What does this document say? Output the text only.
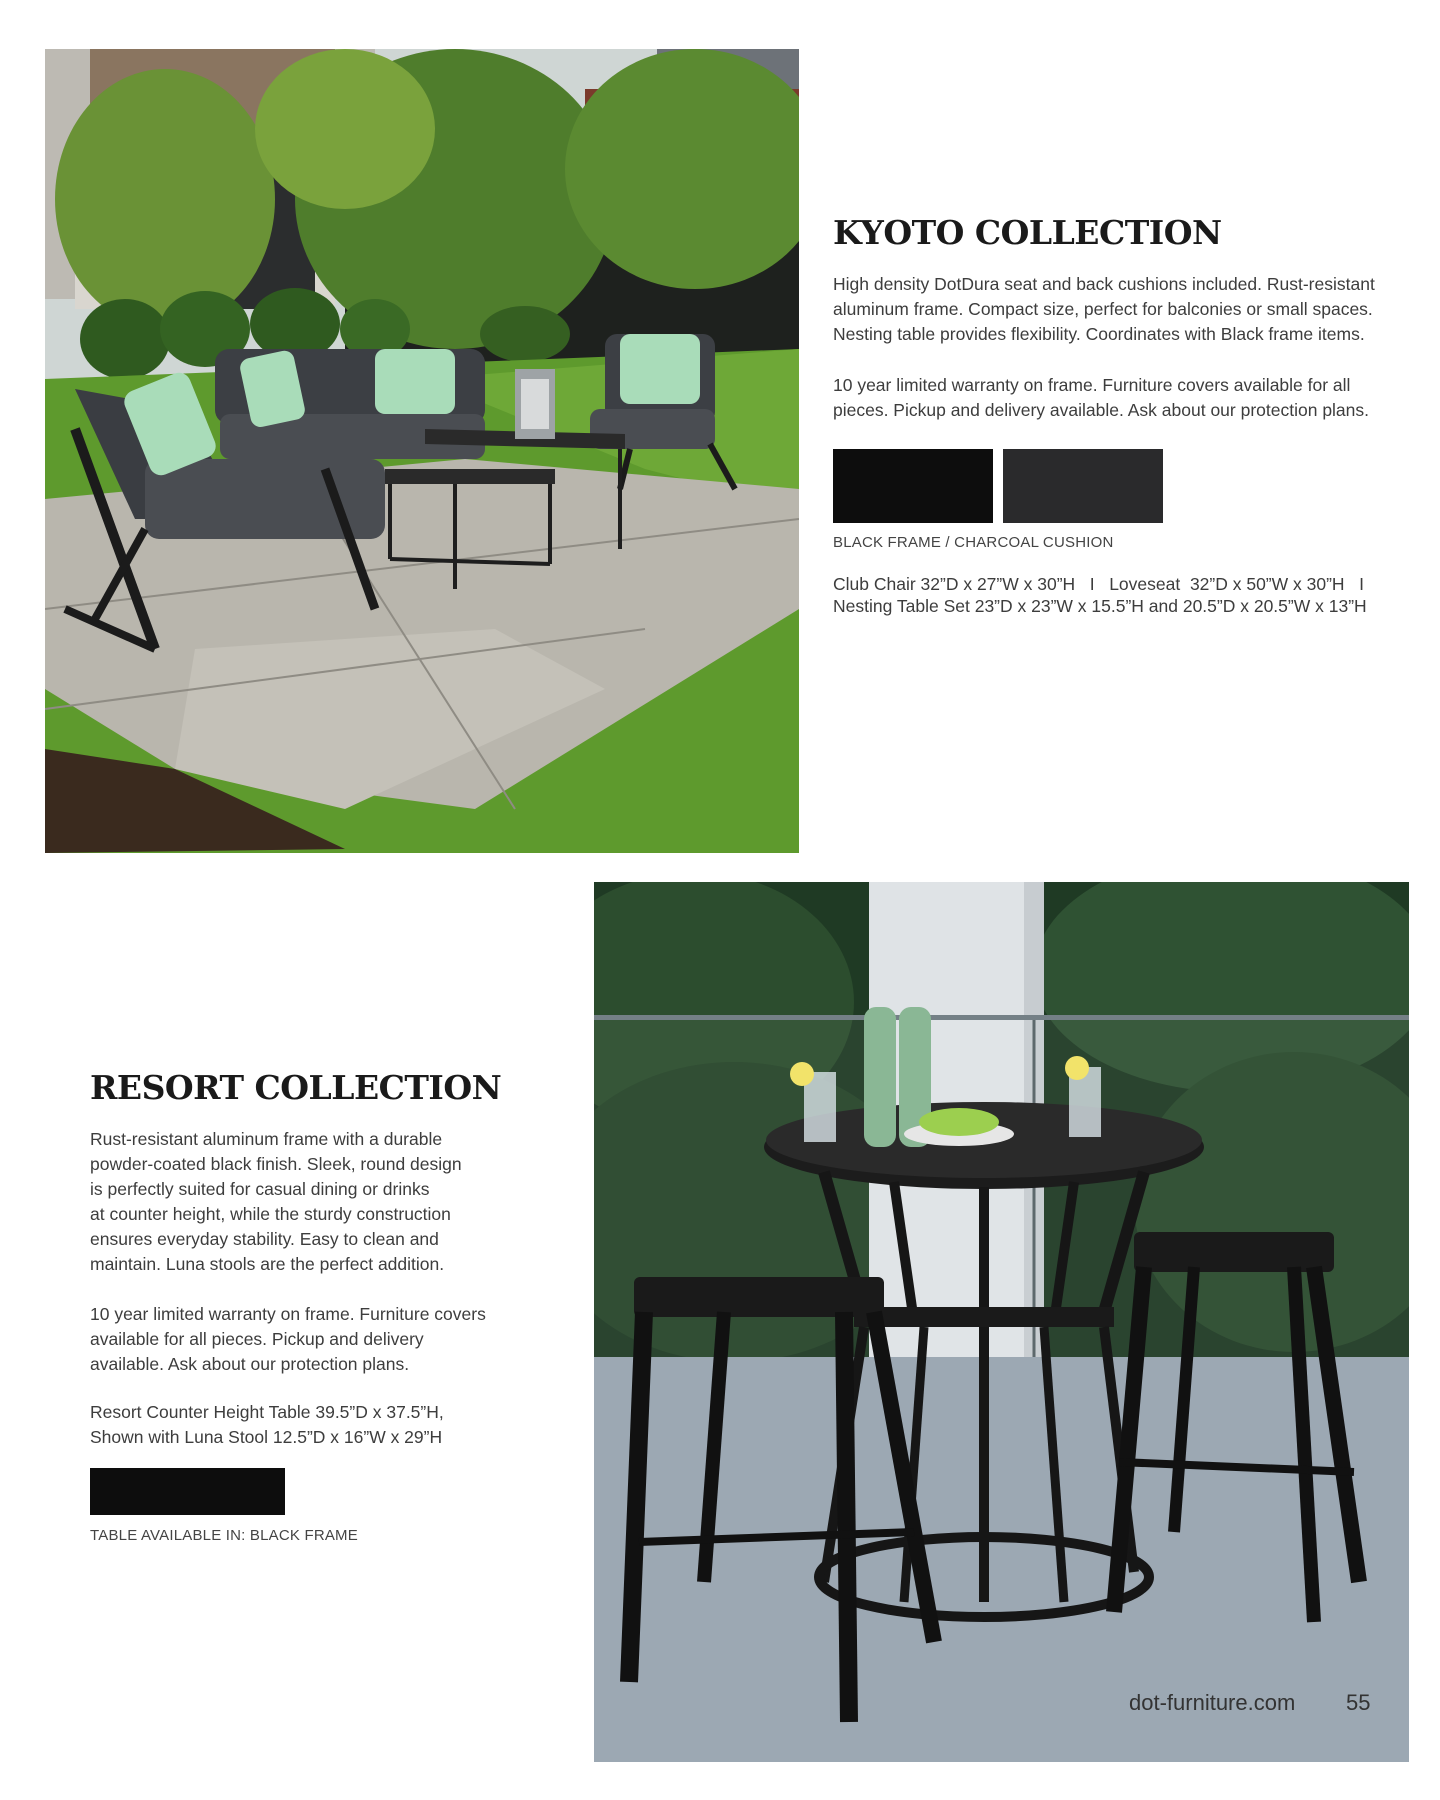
KYOTO COLLECTION

High density DotDura seat and back cushions included. Rust-resistant aluminum frame. Compact size, perfect for balconies or small spaces. Nesting table provides flexibility. Coordinates with Black frame items.

10 year limited warranty on frame. Furniture covers available for all pieces. Pickup and delivery available. Ask about our protection plans.

BLACK FRAME / CHARCOAL CUSHION

Club Chair 32”D x 27”W x 30”H   I   Loveseat  32”D x 50”W x 30”H   I

Nesting Table Set 23”D x 23”W x 15.5”H and 20.5”D x 20.5”W x 13”H

RESORT COLLECTION

Rust-resistant aluminum frame with a durable

powder-coated black finish. Sleek, round design

is perfectly suited for casual dining or drinks

at counter height, while the sturdy construction

ensures everyday stability. Easy to clean and

maintain. Luna stools are the perfect addition.

10 year limited warranty on frame. Furniture covers

available for all pieces. Pickup and delivery

available. Ask about our protection plans.

Resort Counter Height Table 39.5”D x 37.5”H,

Shown with Luna Stool 12.5”D x 16”W x 29”H

TABLE AVAILABLE IN: BLACK FRAME

dot-furniture.com 55
